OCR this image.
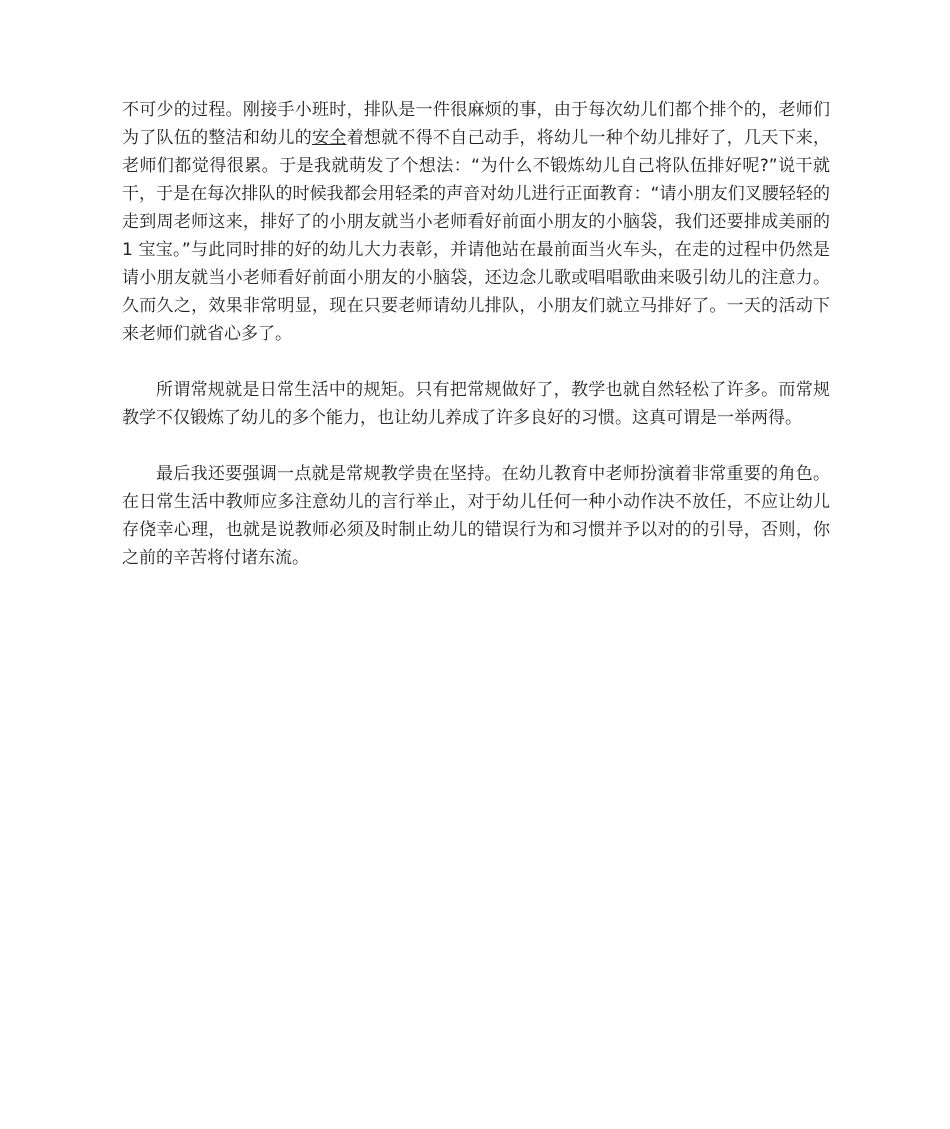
不可少的过程。刚接手小班时，排队是一件很麻烦的事，由于每次幼儿们都个排个的，老师们为了队伍的整洁和幼儿的安全着想就不得不自己动手，将幼儿一种个幼儿排好了，几天下来，老师们都觉得很累。于是我就萌发了个想法：“为什么不锻炼幼儿自己将队伍排好呢?”说干就干，于是在每次排队的时候我都会用轻柔的声音对幼儿进行正面教育：“请小朋友们叉腰轻轻的走到周老师这来，排好了的小朋友就当小老师看好前面小朋友的小脑袋，我们还要排成美丽的 1 宝宝。”与此同时排的好的幼儿大力表彰，并请他站在最前面当火车头，在走的过程中仍然是请小朋友就当小老师看好前面小朋友的小脑袋，还边念儿歌或唱唱歌曲来吸引幼儿的注意力。久而久之，效果非常明显，现在只要老师请幼儿排队，小朋友们就立马排好了。一天的活动下来老师们就省心多了。

所谓常规就是日常生活中的规矩。只有把常规做好了，教学也就自然轻松了许多。而常规教学不仅锻炼了幼儿的多个能力，也让幼儿养成了许多良好的习惯。这真可谓是一举两得。

最后我还要强调一点就是常规教学贵在坚持。在幼儿教育中老师扮演着非常重要的角色。在日常生活中教师应多注意幼儿的言行举止，对于幼儿任何一种小动作决不放任，不应让幼儿存侥幸心理，也就是说教师必须及时制止幼儿的错误行为和习惯并予以对的的引导，否则，你之前的辛苦将付诸东流。
